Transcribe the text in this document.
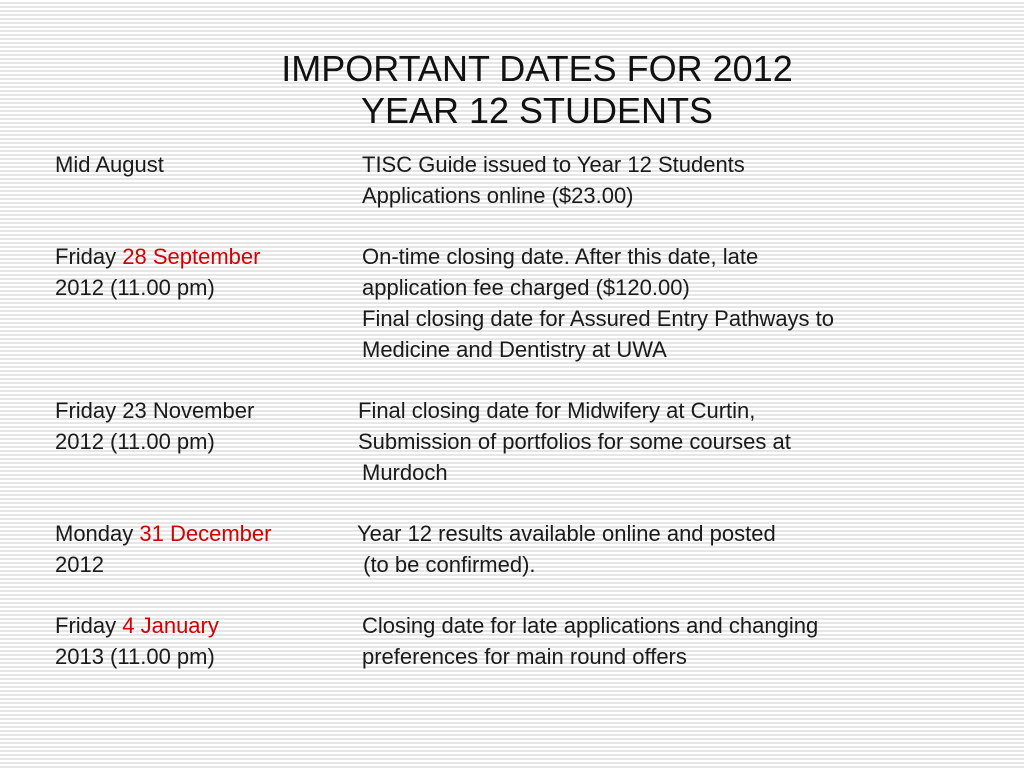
IMPORTANT DATES FOR 2012
YEAR 12 STUDENTS
Mid August	TISC Guide issued to Year 12 Students
Applications online ($23.00)
Friday 28 September
2012 (11.00 pm)
On-time closing date. After this date, late
application fee charged ($120.00)
Final closing date for Assured Entry Pathways to
Medicine and Dentistry at UWA
Friday 23 November
2012 (11.00 pm)
Final closing date for Midwifery at Curtin,
Submission of portfolios for some courses at
Murdoch
Monday 31 December
2012
Year 12 results available online and posted
(to be confirmed).
Friday 4 January
2013 (11.00 pm)
Closing date for late applications and changing
preferences for main round offers
